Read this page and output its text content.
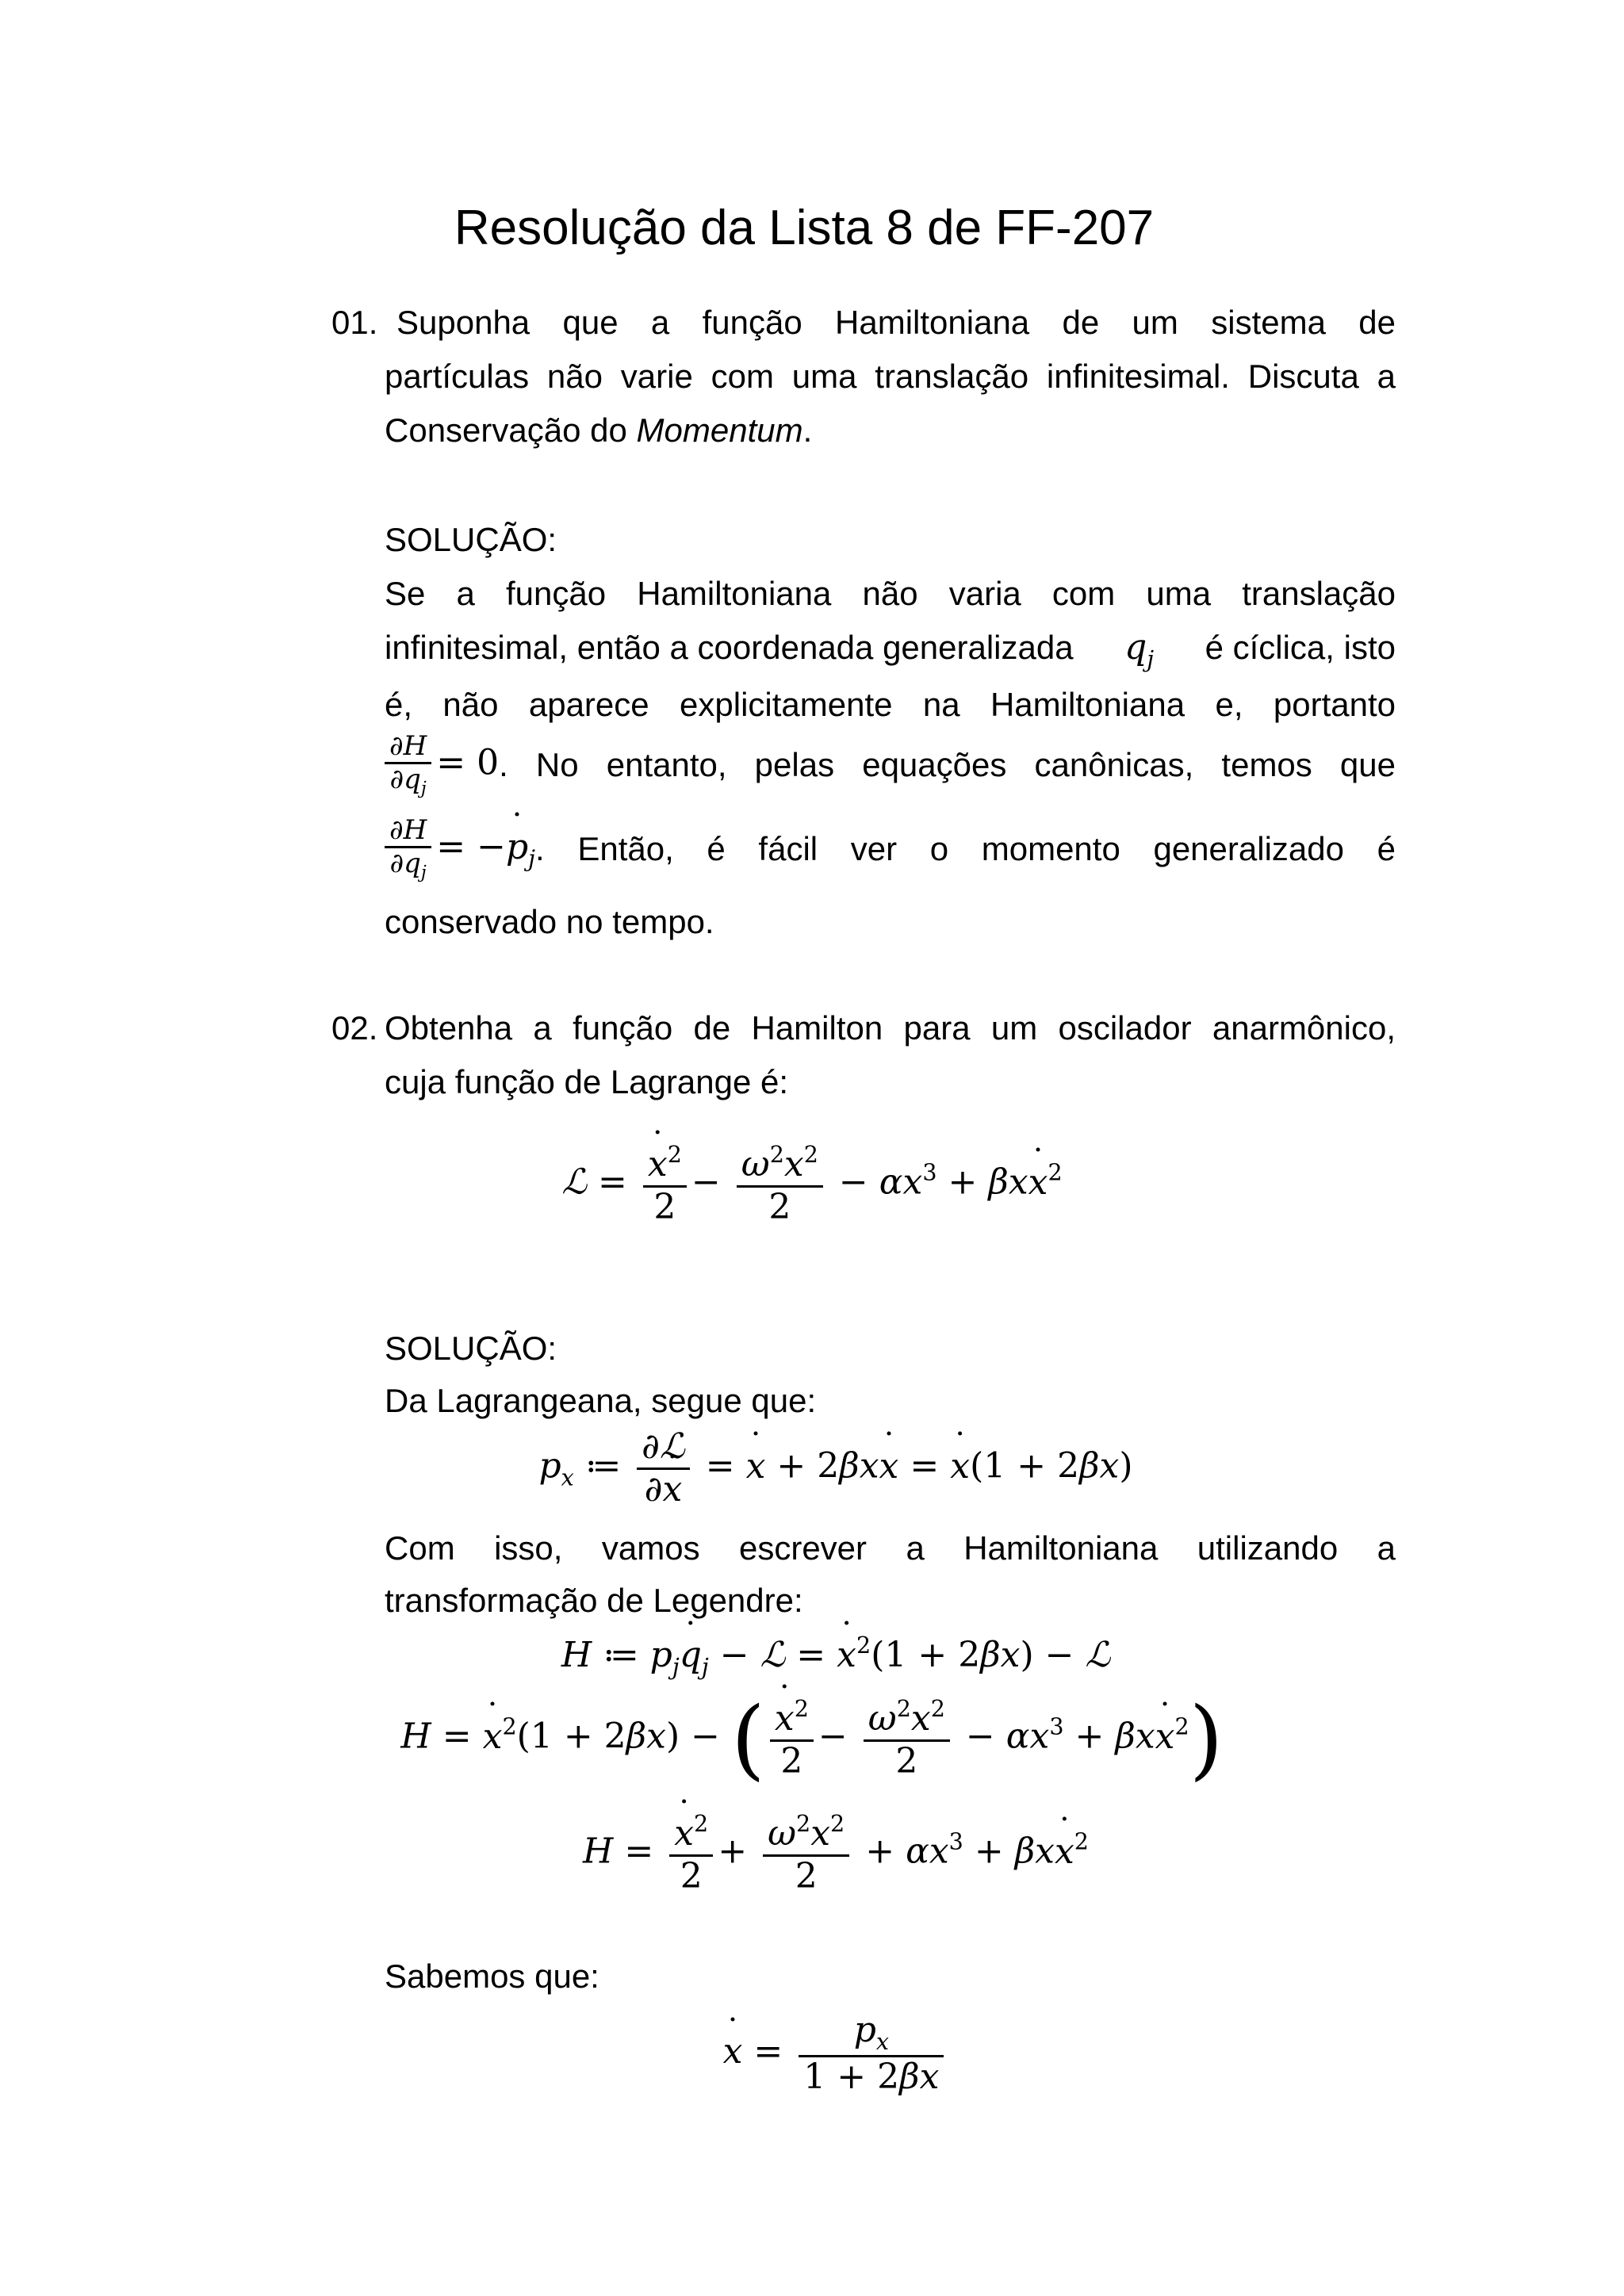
Resolução da Lista 8 de FF-207
01. Suponha que a função Hamiltoniana de um sistema de
partículas não varie com uma translação infinitesimal. Discuta a
Conservação do Momentum.
SOLUÇÃO:
Se a função Hamiltoniana não varia com uma translação
infinitesimal, então a coordenada generalizada $q_j$ é cíclica, isto
é, não aparece explicitamente na Hamiltoniana e, portanto
$\frac{\partial H}{\partial q_j} = 0$ . No entanto, pelas equações canônicas, temos que
$\frac{\partial H}{\partial q_j} = -p$ $˙_j$ . Então, é fácil ver o momento generalizado é
conservado no tempo.
02. Obtenha a função de Hamilton para um oscilador anarmônico,
cuja função de Lagrange é:
ℒ = $\frac{x ˙^2}{2} - \frac{\omega^2x^2}{2} - \alpha x^3 + \beta xx$ ˙$^2$
SOLUÇÃO:
Da Lagrangeana, segue que:
$p_x$ ≔ $\frac{\text{∂ℒ}}{\partial x}$ ˙ = x ˙ + 2βxx ˙ = x ˙(1 + 2βx)
Com isso, vamos escrever a Hamiltoniana utilizando a
transformação de Legendre:
H ≔ $p_jq$ $˙_j$ − ℒ = x ˙$^2$(1 + 2βx) − ℒ
H = x ˙$^2$(1 + 2βx) − ( $\frac{x ˙^2}{2} - \frac{\omega^2x^2}{2} - \alpha x^3 + \beta xx$ ˙$^2$)
$H = \frac{x ˙^2}{2} + \frac{\omega^2x^2}{2} + \alpha x^3 + \beta xx$ ˙$^2$
Sabemos que:
x ˙ = $\frac{p_x}{1 + 2\beta x}$
